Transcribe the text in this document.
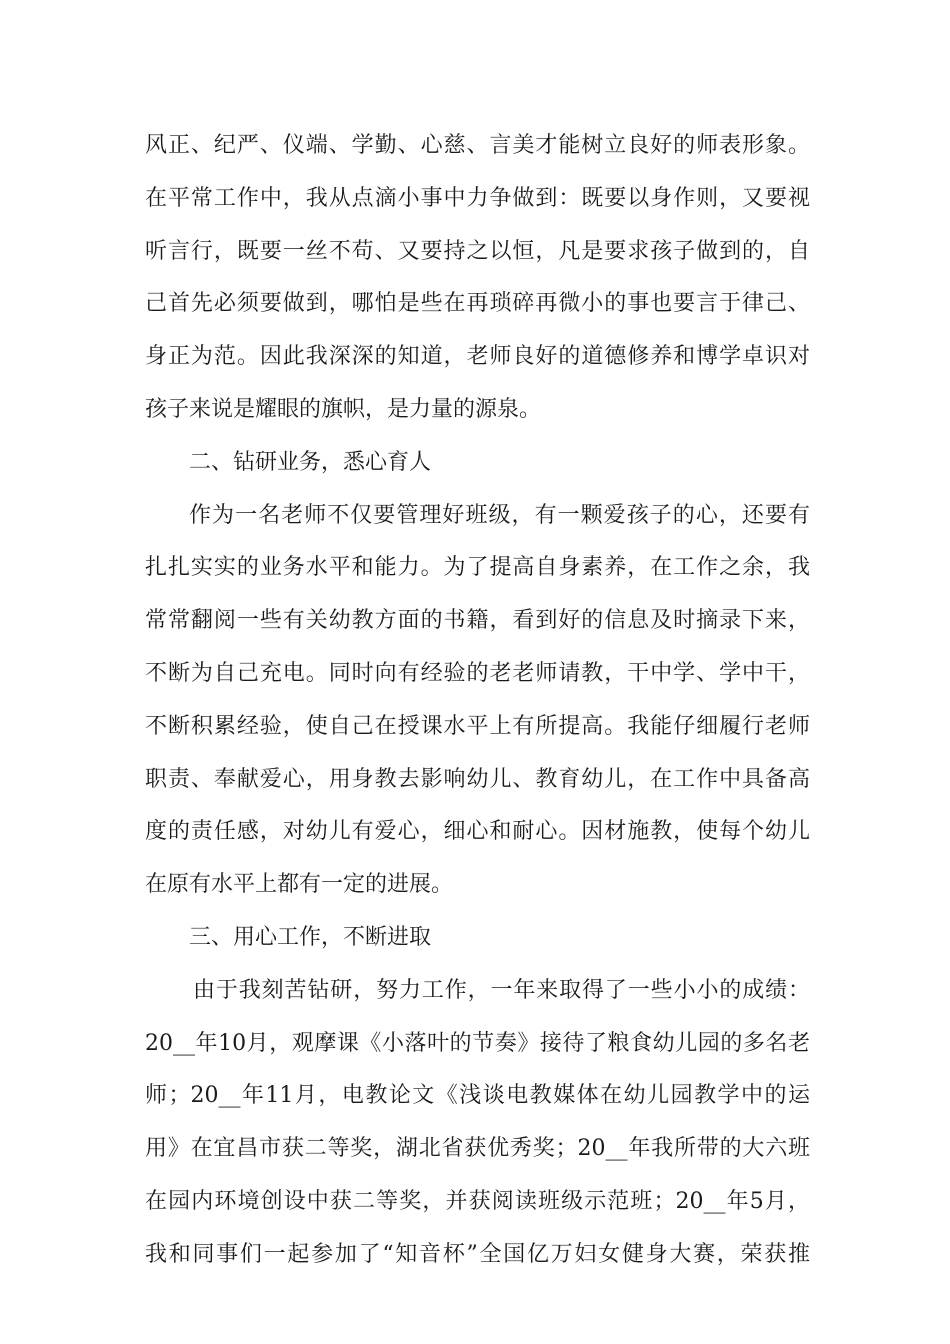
风正、纪严、仪端、学勤、心慈、言美才能树立良好的师表形象。
在平常工作中，我从点滴小事中力争做到：既要以身作则，又要视
听言行，既要一丝不苟、又要持之以恒，凡是要求孩子做到的，自
己首先必须要做到，哪怕是些在再琐碎再微小的事也要言于律己、
身正为范。因此我深深的知道，老师良好的道德修养和博学卓识对
孩子来说是耀眼的旗帜，是力量的源泉。
二、钻研业务，悉心育人
作为一名老师不仅要管理好班级，有一颗爱孩子的心，还要有
扎扎实实的业务水平和能力。为了提高自身素养，在工作之余，我
常常翻阅一些有关幼教方面的书籍，看到好的信息及时摘录下来，
不断为自己充电。同时向有经验的老老师请教，干中学、学中干，
不断积累经验，使自己在授课水平上有所提高。我能仔细履行老师
职责、奉献爱心，用身教去影响幼儿、教育幼儿，在工作中具备高
度的责任感，对幼儿有爱心，细心和耐心。因材施教，使每个幼儿
在原有水平上都有一定的进展。
三、用心工作，不断进取
由于我刻苦钻研，努力工作，一年来取得了一些小小的成绩：
20__年10月，观摩课《小落叶的节奏》接待了粮食幼儿园的多名老
师；20__年11月，电教论文《浅谈电教媒体在幼儿园教学中的运
用》在宜昌市获二等奖，湖北省获优秀奖；20__年我所带的大六班
在园内环境创设中获二等奖，并获阅读班级示范班；20__年5月，
我和同事们一起参加了“知音杯”全国亿万妇女健身大赛，荣获推
